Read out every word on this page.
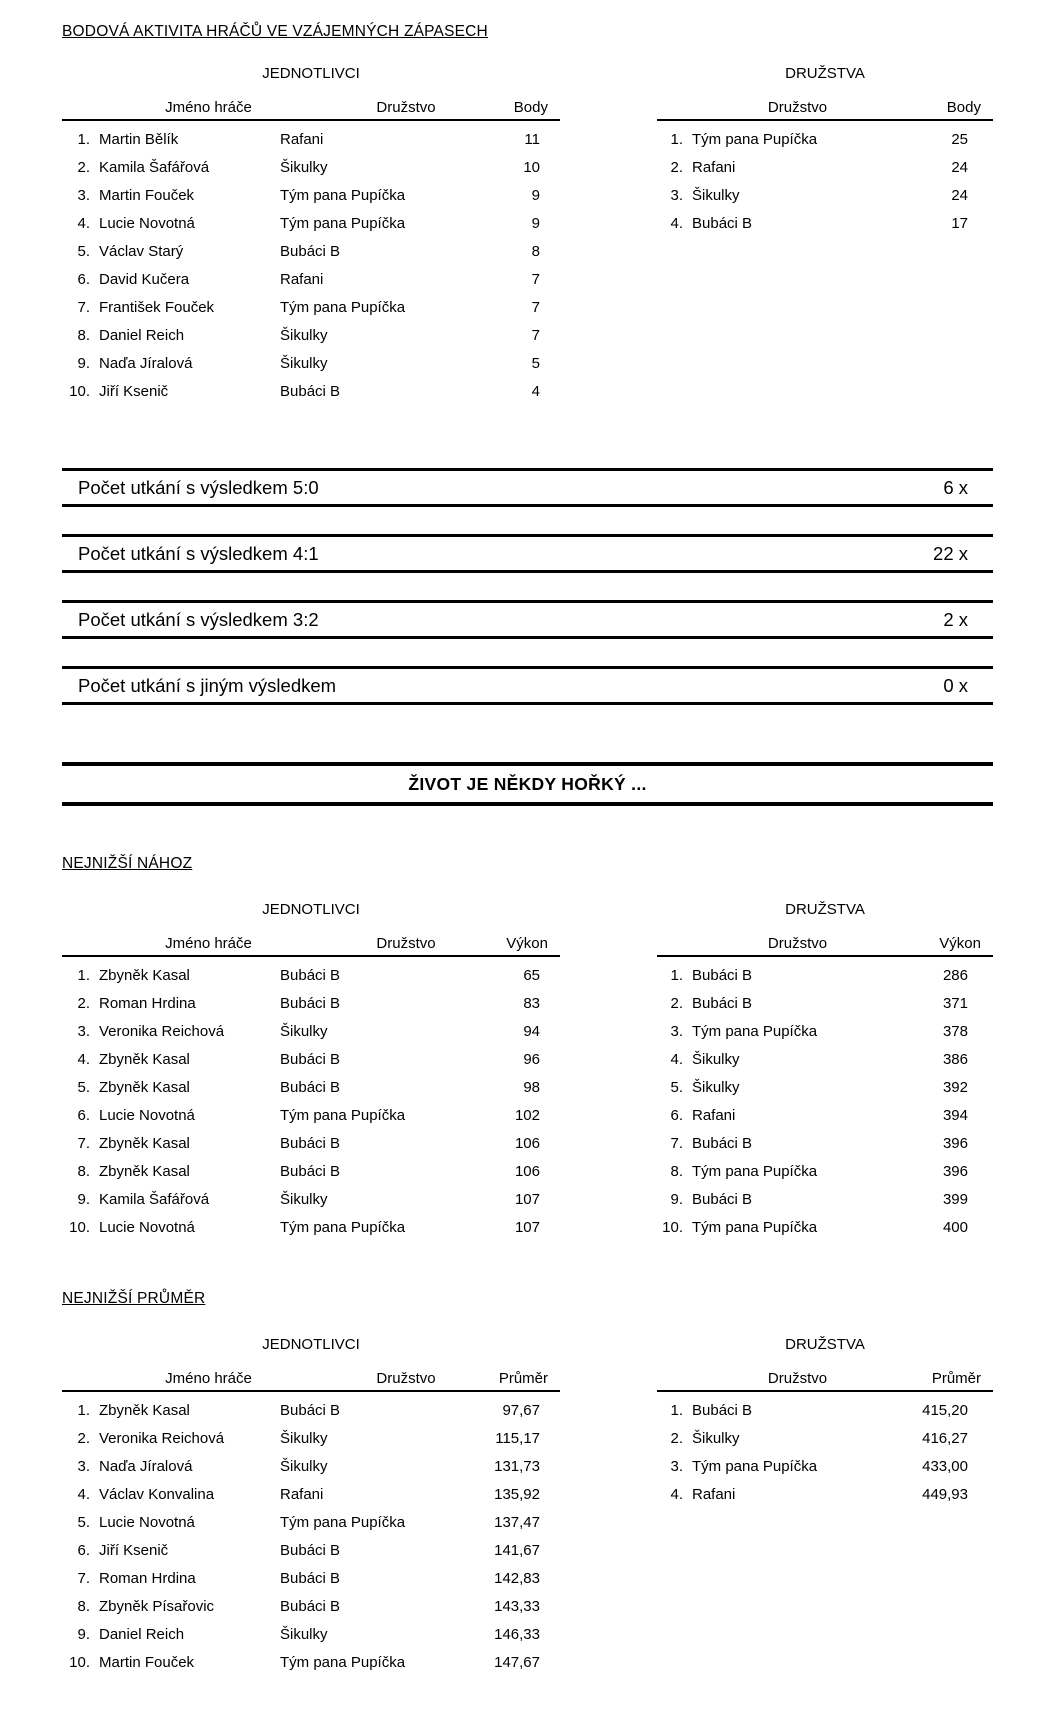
BODOVÁ AKTIVITA HRÁČŮ VE VZÁJEMNÝCH ZÁPASECH
JEDNOTLIVCI
Jméno hráče	Družstvo	Body
1. Martin Bělík	Rafani	11
2. Kamila Šafářová	Šikulky	10
3. Martin Fouček	Tým pana Pupíčka	9
4. Lucie Novotná	Tým pana Pupíčka	9
5. Václav Starý	Bubáci B	8
6. David Kučera	Rafani	7
7. František Fouček	Tým pana Pupíčka	7
8. Daniel Reich	Šikulky	7
9. Naďa Jíralová	Šikulky	5
10. Jiří Ksenič	Bubáci B	4
DRUŽSTVA
Družstvo	Body
1. Tým pana Pupíčka	25
2. Rafani	24
3. Šikulky	24
4. Bubáci B	17
Počet utkání s výsledkem 5:0	6 x
Počet utkání s výsledkem 4:1	22 x
Počet utkání s výsledkem 3:2	2 x
Počet utkání s jiným výsledkem	0 x
ŽIVOT JE NĚKDY HOŘKÝ ...
NEJNIŽŠÍ NÁHOZ
JEDNOTLIVCI
Jméno hráče	Družstvo	Výkon
1. Zbyněk Kasal	Bubáci B	65
2. Roman Hrdina	Bubáci B	83
3. Veronika Reichová	Šikulky	94
4. Zbyněk Kasal	Bubáci B	96
5. Zbyněk Kasal	Bubáci B	98
6. Lucie Novotná	Tým pana Pupíčka	102
7. Zbyněk Kasal	Bubáci B	106
8. Zbyněk Kasal	Bubáci B	106
9. Kamila Šafářová	Šikulky	107
10. Lucie Novotná	Tým pana Pupíčka	107
DRUŽSTVA
Družstvo	Výkon
1. Bubáci B	286
2. Bubáci B	371
3. Tým pana Pupíčka	378
4. Šikulky	386
5. Šikulky	392
6. Rafani	394
7. Bubáci B	396
8. Tým pana Pupíčka	396
9. Bubáci B	399
10. Tým pana Pupíčka	400
NEJNIŽŠÍ PRŮMĚR
JEDNOTLIVCI
Jméno hráče	Družstvo	Průměr
1. Zbyněk Kasal	Bubáci B	97,67
2. Veronika Reichová	Šikulky	115,17
3. Naďa Jíralová	Šikulky	131,73
4. Václav Konvalina	Rafani	135,92
5. Lucie Novotná	Tým pana Pupíčka	137,47
6. Jiří Ksenič	Bubáci B	141,67
7. Roman Hrdina	Bubáci B	142,83
8. Zbyněk Písařovic	Bubáci B	143,33
9. Daniel Reich	Šikulky	146,33
10. Martin Fouček	Tým pana Pupíčka	147,67
DRUŽSTVA
Družstvo	Průměr
1. Bubáci B	415,20
2. Šikulky	416,27
3. Tým pana Pupíčka	433,00
4. Rafani	449,93
